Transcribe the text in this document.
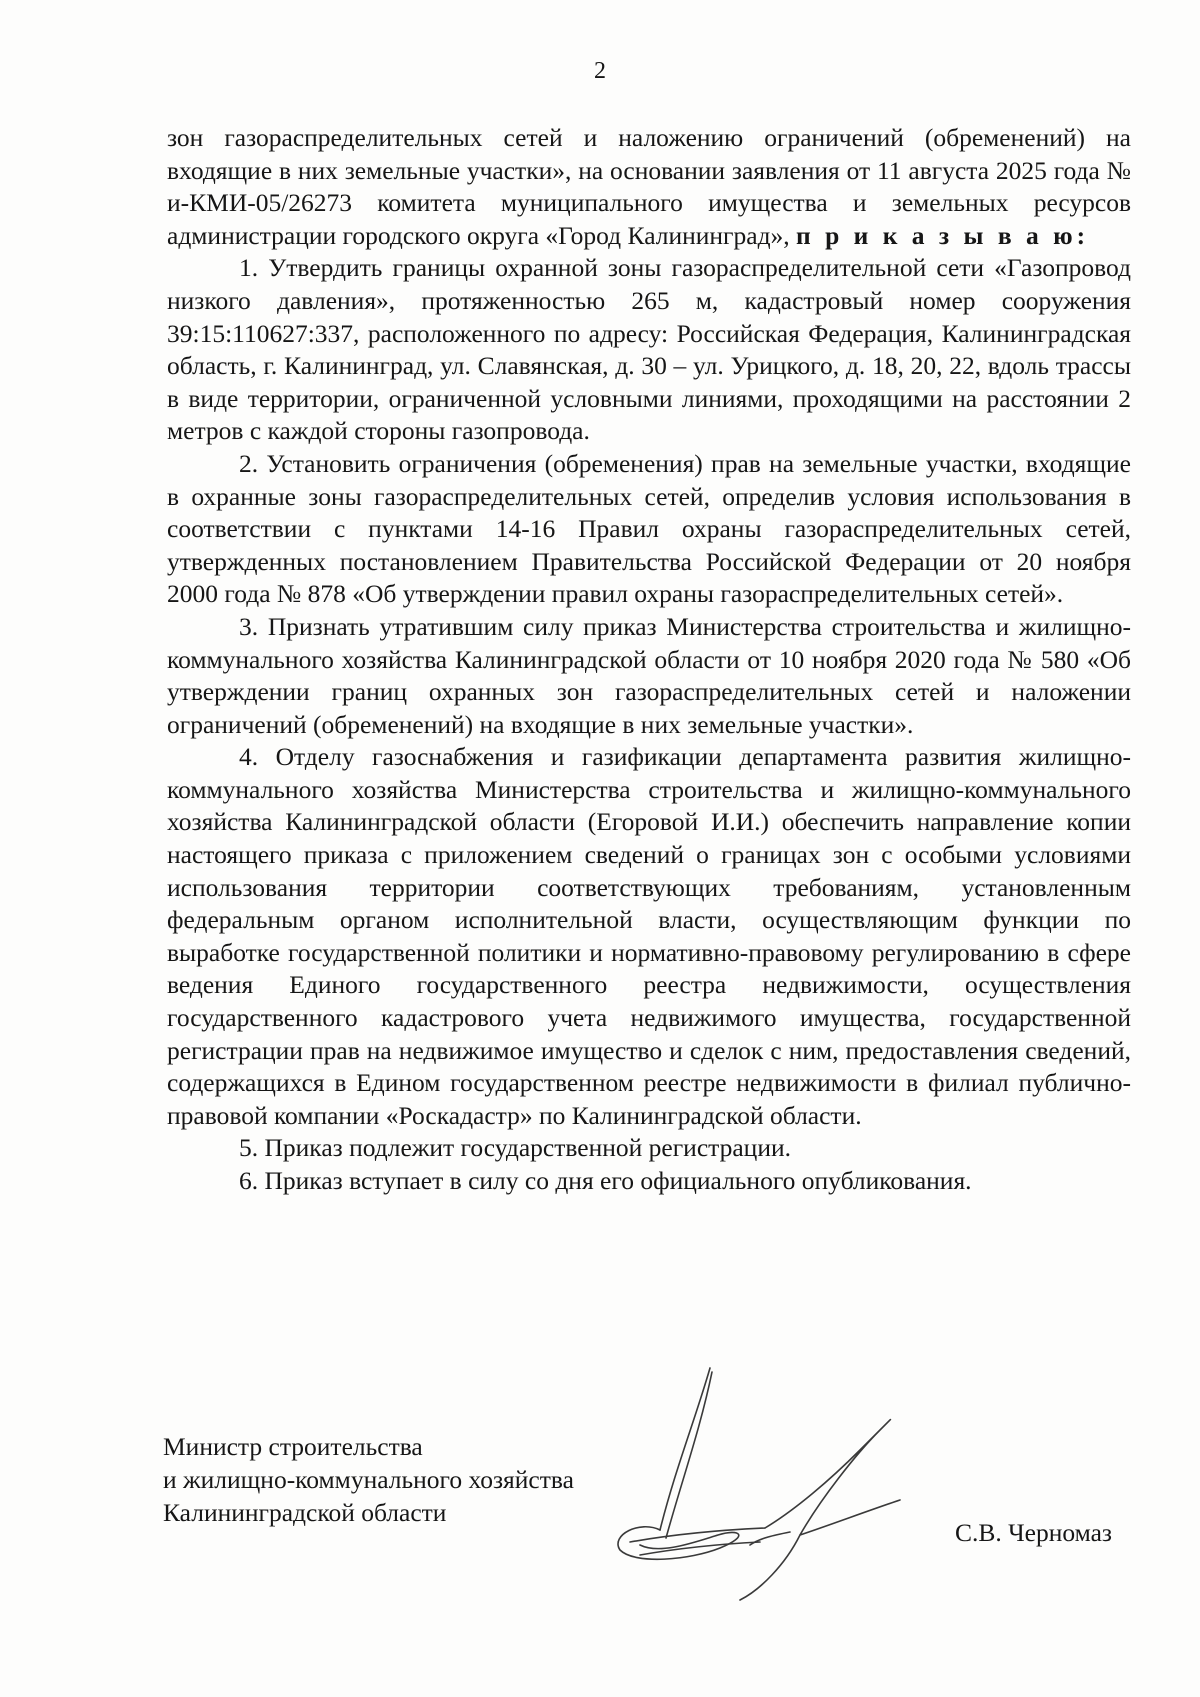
2

зон газораспределительных сетей и наложению ограничений (обременений) на входящие в них земельные участки», на основании заявления от 11 августа 2025 года № и-КМИ-05/26273 комитета муниципального имущества и земельных ресурсов администрации городского округа «Город Калининград», п р и к а з ы в а ю:

1. Утвердить границы охранной зоны газораспределительной сети «Газопровод низкого давления», протяженностью 265 м, кадастровый номер сооружения 39:15:110627:337, расположенного по адресу: Российская Федерация, Калининградская область, г. Калининград, ул. Славянская, д. 30 – ул. Урицкого, д. 18, 20, 22, вдоль трассы в виде территории, ограниченной условными линиями, проходящими на расстоянии 2 метров с каждой стороны газопровода.

2. Установить ограничения (обременения) прав на земельные участки, входящие в охранные зоны газораспределительных сетей, определив условия использования в соответствии с пунктами 14-16 Правил охраны газораспределительных сетей, утвержденных постановлением Правительства Российской Федерации от 20 ноября 2000 года № 878 «Об утверждении правил охраны газораспределительных сетей».

3. Признать утратившим силу приказ Министерства строительства и жилищно-коммунального хозяйства Калининградской области от 10 ноября 2020 года № 580 «Об утверждении границ охранных зон газораспределительных сетей и наложении ограничений (обременений) на входящие в них земельные участки».

4. Отделу газоснабжения и газификации департамента развития жилищно-коммунального хозяйства Министерства строительства и жилищно-коммунального хозяйства Калининградской области (Егоровой И.И.) обеспечить направление копии настоящего приказа с приложением сведений о границах зон с особыми условиями использования территории соответствующих требованиям, установленным федеральным органом исполнительной власти, осуществляющим функции по выработке государственной политики и нормативно-правовому регулированию в сфере ведения Единого государственного реестра недвижимости, осуществления государственного кадастрового учета недвижимого имущества, государственной регистрации прав на недвижимое имущество и сделок с ним, предоставления сведений, содержащихся в Едином государственном реестре недвижимости в филиал публично-правовой компании «Роскадастр» по Калининградской области.

5. Приказ подлежит государственной регистрации.

6. Приказ вступает в силу со дня его официального опубликования.

Министр строительства
и жилищно-коммунального хозяйства
Калининградской области
С.В. Черномаз
